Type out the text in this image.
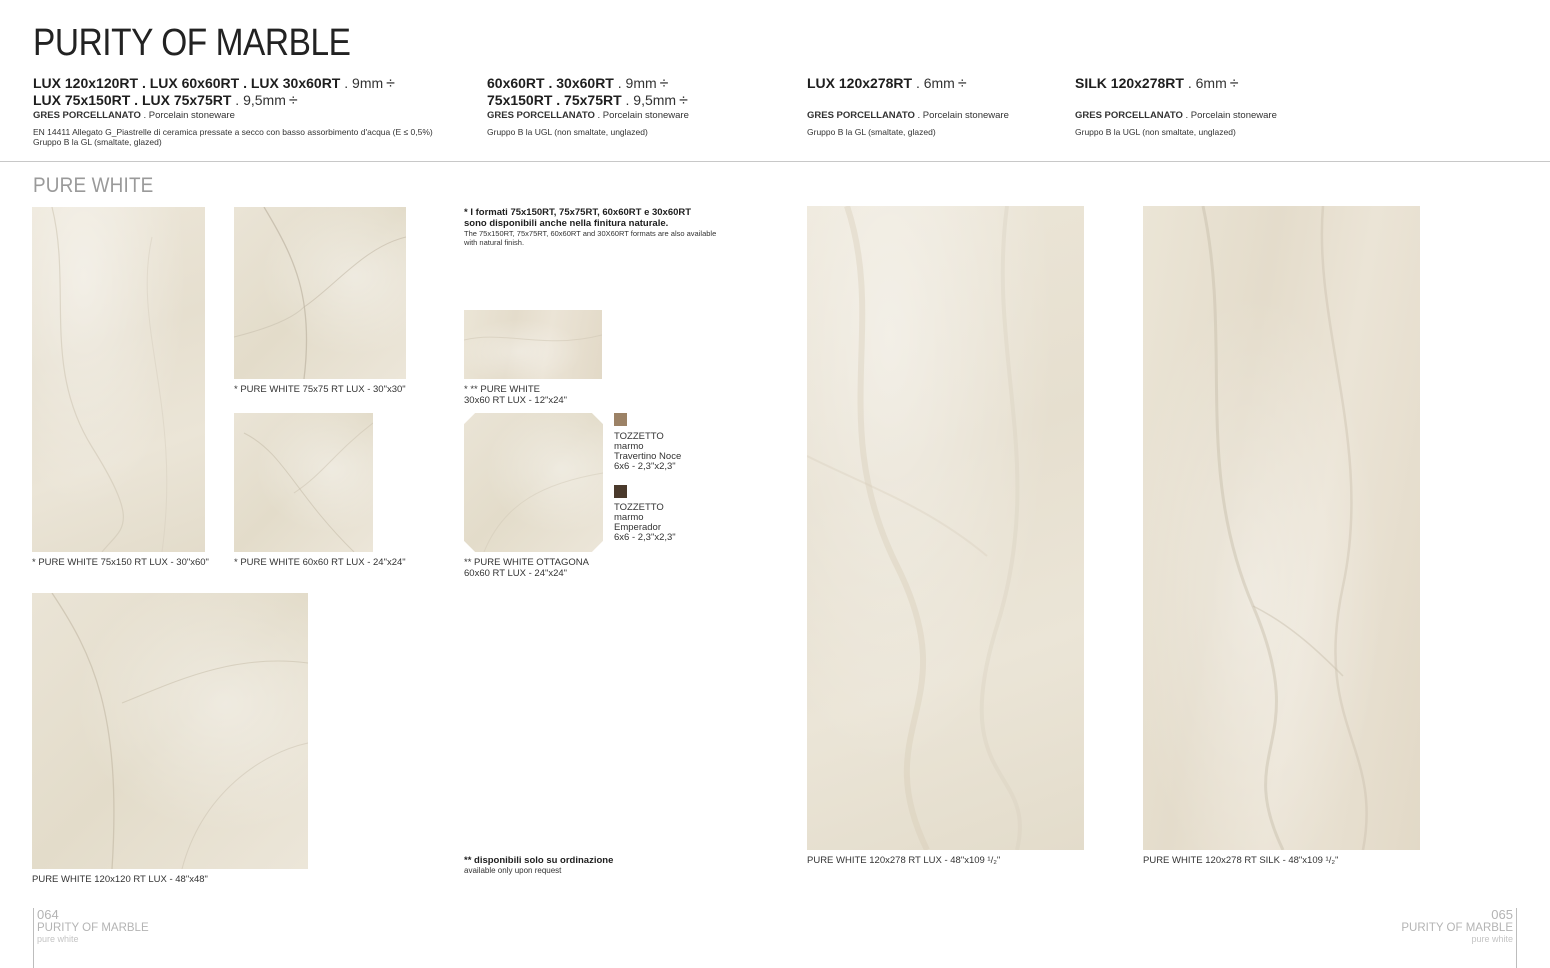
PURITY OF MARBLE
LUX 120x120RT . LUX 60x60RT . LUX 30x60RT . 9mm ÷
LUX 75x150RT . LUX 75x75RT . 9,5mm ÷
GRES PORCELLANATO . Porcelain stoneware
EN 14411 Allegato G_Piastrelle di ceramica pressate a secco con basso assorbimento d'acqua (E ≤ 0,5%)
Gruppo B la GL (smaltate, glazed)
60x60RT . 30x60RT . 9mm ÷
75x150RT . 75x75RT . 9,5mm ÷
GRES PORCELLANATO . Porcelain stoneware
Gruppo B la UGL (non smaltate, unglazed)
LUX 120x278RT . 6mm ÷
GRES PORCELLANATO . Porcelain stoneware
Gruppo B la GL (smaltate, glazed)
SILK 120x278RT . 6mm ÷
GRES PORCELLANATO . Porcelain stoneware
Gruppo B la UGL (non smaltate, unglazed)
PURE WHITE
* PURE WHITE 75x150 RT LUX - 30"x60"
* PURE WHITE 75x75 RT LUX - 30"x30"
* PURE WHITE 60x60 RT LUX - 24"x24"
PURE WHITE 120x120 RT LUX - 48"x48"
* I formati 75x150RT, 75x75RT, 60x60RT e 30x60RT
sono disponibili anche nella finitura naturale.
The 75x150RT, 75x75RT, 60x60RT and 30X60RT formats are also available
with natural finish.
* ** PURE WHITE
30x60 RT LUX - 12"x24"
** PURE WHITE OTTAGONA
60x60 RT LUX - 24"x24"
TOZZETTO
marmo
Travertino Noce
6x6 - 2,3"x2,3"
TOZZETTO
marmo
Emperador
6x6 - 2,3"x2,3"
** disponibili solo su ordinazione
available only upon request
PURE WHITE 120x278 RT LUX - 48"x109 ¹/₂"	PURE WHITE 120x278 RT SILK - 48"x109 ¹/₂"
064
PURITY OF MARBLE
pure white
065
PURITY OF MARBLE
pure white
